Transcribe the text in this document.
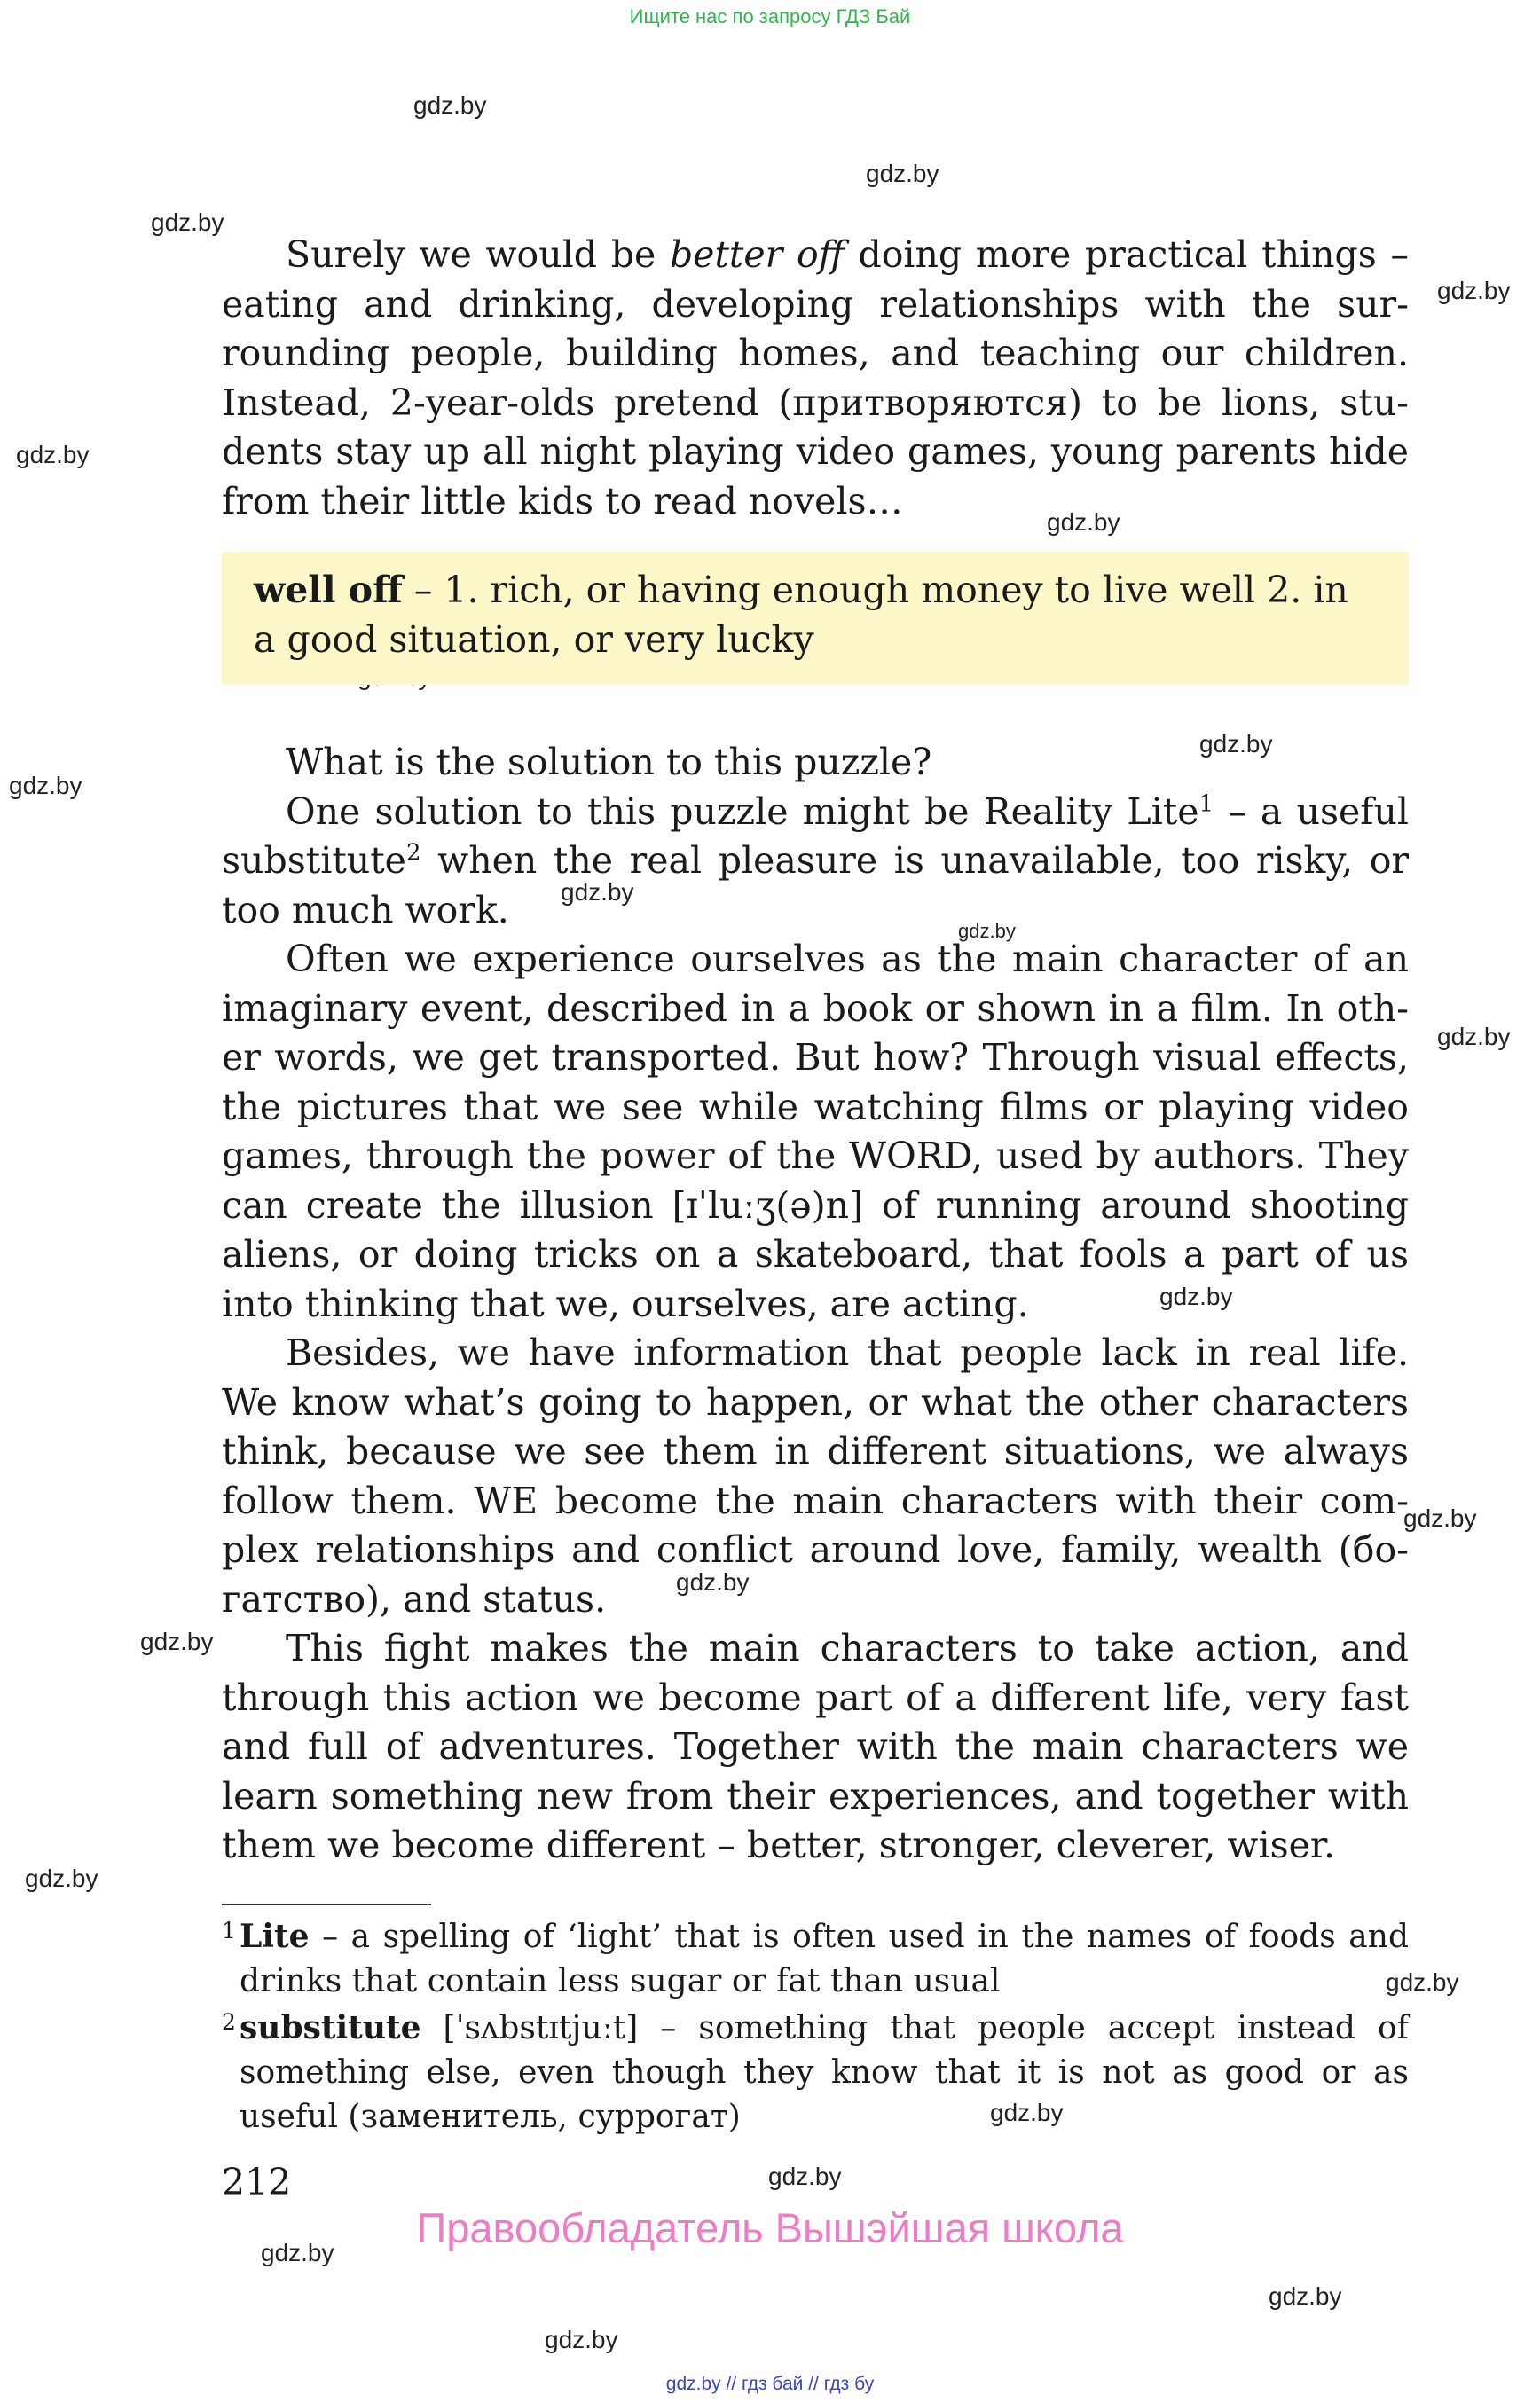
Ищите нас по запросу ГДЗ Бай
gdz.by
gdz.by
gdz.by
gdz.by
gdz.by
gdz.by
gdz.by
gdz.by
gdz.by
gdz.by
gdz.by
gdz.by
gdz.by
gdz.by
gdz.by
gdz.by
gdz.by
gdz.by
gdz.by
gdz.by
gdz.by
gdz.by

Surely we would be better off doing more practical things – eating and drinking, developing relationships with the surrounding people, building homes, and teaching our children. Instead, 2-year-olds pretend (притворяются) to be lions, students stay up all night playing video games, young parents hide from their little kids to read novels…

well off – 1. rich, or having enough money to live well 2. in a good situation, or very lucky

What is the solution to this puzzle?

One solution to this puzzle might be Reality Lite$^1$ – a useful substitute$^2$ when the real pleasure is unavailable, too risky, or too much work.

Often we experience ourselves as the main character of an imaginary event, described in a book or shown in a film. In other words, we get transported. But how? Through visual effects, the pictures that we see while watching films or playing video games, through the power of the WORD, used by authors. They can create the illusion [ɪˈluːʒ(ə)n] of running around shooting aliens, or doing tricks on a skateboard, that fools a part of us into thinking that we, ourselves, are acting.

Besides, we have information that people lack in real life. We know what’s going to happen, or what the other characters think, because we see them in different situations, we always follow them. WE become the main characters with their complex relationships and conflict around love, family, wealth (богатство), and status.

This fight makes the main characters to take action, and through this action we become part of a different life, very fast and full of adventures. Together with the main characters we learn something new from their experiences, and together with them we become different – better, stronger, cleverer, wiser.

1 Lite – a spelling of ‘light’ that is often used in the names of foods and drinks that contain less sugar or fat than usual

2 substitute [ˈsʌbstɪtjuːt] – something that people accept instead of something else, even though they know that it is not as good or as useful (заменитель, суррогат)

212
Правообладатель Вышэйшая школа
gdz.by // гдз бай // гдз бу
